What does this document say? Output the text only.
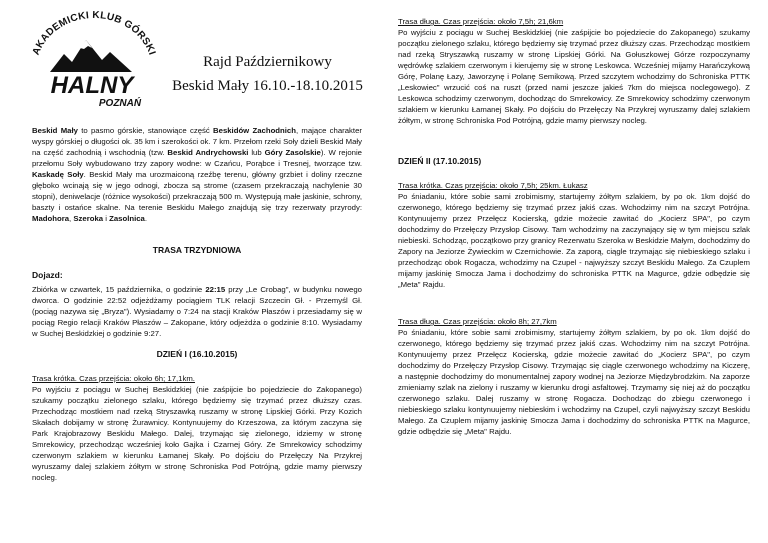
AKADEMICKI KLUB GÓRSKI
HALNY
POZNAŃ
Rajd Październikowy
Beskid Mały 16.10.-18.10.2015

Beskid Mały to pasmo górskie, stanowiące część Beskidów Zachodnich, mające charakter wyspy górskiej o długości ok. 35 km i szerokości ok. 7 km. Przełom rzeki Soły dzieli Beskid Mały na część zachodnią i wschodnią (tzw. Beskid Andrychowski lub Góry Zasolskie). W rejonie przełomu Soły wybudowano trzy zapory wodne: w Czańcu, Porąbce i Tresnej, tworzące tzw. Kaskadę Soły. Beskid Mały ma urozmaiconą rzeźbę terenu, główny grzbiet i doliny rzeczne głęboko wcinają się w jego odnogi, zbocza są strome (czasem przekraczają nachylenie 30 stopni), deniwelacje (różnice wysokości) przekraczają 500 m. Występują małe jaskinie, schrony, baszty i ostańce skalne. Na terenie Beskidu Małego znajdują się trzy rezerwaty przyrody: Madohora, Szeroka i Zasolnica.

TRASA TRZYDNIOWA

Dojazd:

Zbiórka w czwartek, 15 października, o godzinie 22:15 przy „Le Crobag", w budynku nowego dworca. O godzinie 22:52 odjeżdżamy pociągiem TLK relacji Szczecin Gł. - Przemyśl Gł. (pociąg nazywa się „Bryza"). Wysiadamy o 7:24 na stacji Kraków Płaszów i przesiadamy się w pociąg Regio relacji Kraków Płaszów – Zakopane, który odjeżdża o godzinie 8:10. Wysiadamy w Suchej Beskidzkiej o godzinie 9:27.

DZIEŃ I (16.10.2015)

Trasa krótka. Czas przejścia: około 6h; 17,1km.

Po wyjściu z pociągu w Suchej Beskidzkiej (nie zaśpijcie bo pojedziecie do Zakopanego) szukamy początku zielonego szlaku, którego będziemy się trzymać przez dłuższy czas. Przechodząc mostkiem nad rzeką Stryszawką ruszamy w stronę Lipskiej Górki. Przy Kozich Skałach dobijamy w stronę Żurawnicy. Kontynuujemy do Krzeszowa, za którym zaczyna się Park Krajobrazowy Beskidu Małego. Dalej, trzymając się zielonego, idziemy w stronę Smrekowicy, przechodząc wcześniej koło Gajka i Czarnej Góry. Ze Smrekowicy schodzimy czerwonym szlakiem w kierunku Łamanej Skały. Po dojściu do Przełęczy Na Przykrej wyruszamy dalej szlakiem żółtym w stronę Schroniska Pod Potrójną, gdzie mamy pierwszy nocleg.

Trasa długa. Czas przejścia: około 7,5h; 21,6km

Po wyjściu z pociągu w Suchej Beskidzkiej (nie zaśpijcie bo pojedziecie do Zakopanego) szukamy początku zielonego szlaku, którego będziemy się trzymać przez dłuższy czas. Przechodząc mostkiem nad rzeką Stryszawką ruszamy w stronę Lipskiej Górki. Na Gołuszkowej Górze rozpoczynamy wędrówkę szlakiem czerwonym i kierujemy się w stronę Leskowca. Wcześniej mijamy Harańczykową Górę, Polanę Łazy, Jaworzynę i Polanę Semikową. Przed szczytem wchodzimy do Schroniska PTTK „Leskowiec" wrzucić coś na ruszt (przed nami jeszcze jakieś 7km do miejsca noclegowego). Z Leskowca schodzimy czerwonym, dochodząc do Smrekowicy. Ze Smrekowicy schodzimy czerwonym szlakiem w kierunku Łamanej Skały. Po dojściu do Przełęczy Na Przykrej wyruszamy dalej szlakiem żółtym, w stronę Schroniska Pod Potrójną, gdzie mamy pierwszy nocleg.

DZIEŃ II (17.10.2015)

Trasa krótka. Czas przejścia: około 7,5h; 25km. Łukasz

Po śniadaniu, które sobie sami zrobimismy, startujemy żółtym szlakiem, by po ok. 1km dojść do czerwonego, którego będziemy się trzymać przez jakiś czas. Wchodzimy nim na szczyt Potrójna. Kontynuujemy przez Przełęcz Kocierską, gdzie możecie zawitać do „Kocierz SPA", po czym dochodzimy do Przełęczy Przysłop Cisowy. Tam wchodzimy na zaczynający się w tym miejscu szlak niebieski. Schodząc, początkowo przy granicy Rezerwatu Szeroka w Beskidzie Małym, dochodzimy do Zapory na Jeziorze Żywieckim w Czernichowie. Za zaporą, ciągle trzymając się niebieskiego szlaku i przechodząc obok Rogacza, wchodzimy na Czupel - najwyższy szczyt Beskidu Małego. Za Czuplem mijamy jaskinię Smocza Jama i dochodzimy do schroniska PTTK na Magurce, gdzie odbędzie się „Meta" Rajdu.

Trasa długa. Czas przejścia: około 8h; 27,7km

Po śniadaniu, które sobie sami zrobimismy, startujemy żółtym szlakiem, by po ok. 1km dojść do czerwonego, którego będziemy się trzymać przez jakiś czas. Wchodzimy nim na szczyt Potrójna. Kontynuujemy przez Przełęcz Kocierską, gdzie możecie zawitać do „Kocierz SPA", po czym dochodzimy do Przełęczy Przysłop Cisowy. Trzymając się ciągle czerwonego wchodzimy na Kiczerę, a następnie dochodzimy do monumentalnej zapory wodnej na Jeziorze Międzybrodzkim. Na zaporze zmieniamy szlak na zielony i ruszamy w kierunku drogi asfaltowej. Trzymamy się niej aż do początku czerwonego szlaku. Dalej ruszamy w stronę Rogacza. Dochodząc do zbiegu czerwonego i niebieskiego szlaku kontynuujemy niebieskim i wchodzimy na Czupel, czyli najwyższy szczyt Beskidu Małego. Za Czuplem mijamy jaskinię Smocza Jama i dochodzimy do schroniska PTTK na Magurce, gdzie odbędzie się „Meta" Rajdu.
